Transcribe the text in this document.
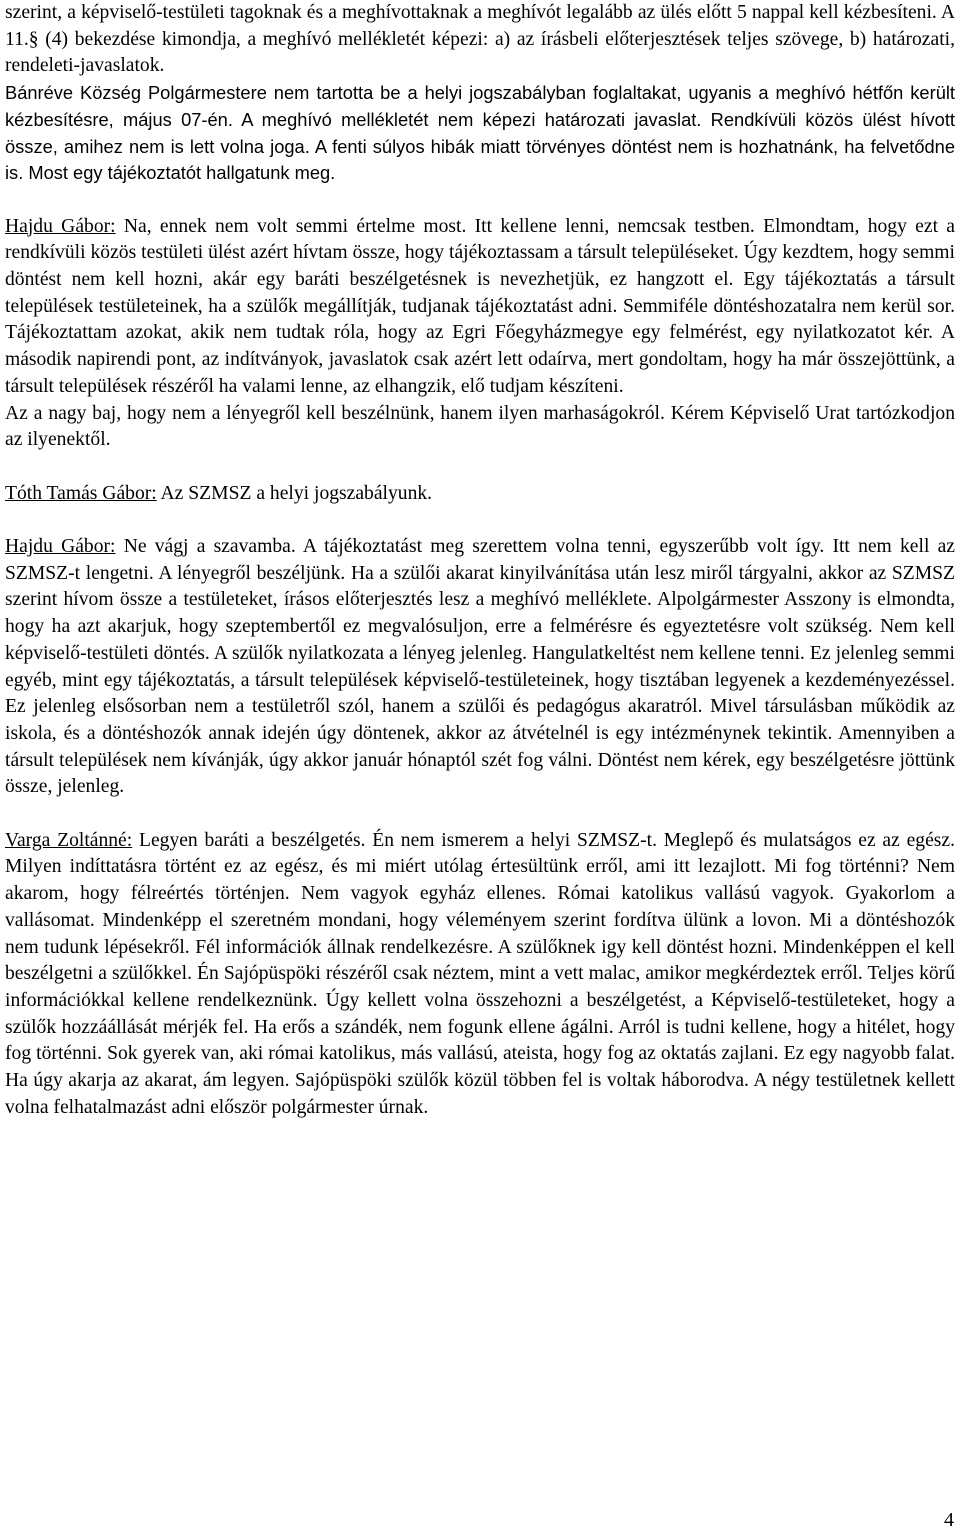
szerint, a képviselő-testületi tagoknak és a meghívottaknak a meghívót legalább az ülés előtt 5 nappal kell kézbesíteni. A 11.§ (4) bekezdése kimondja, a meghívó mellékletét képezi: a) az írásbeli előterjesztések teljes szövege, b) határozati, rendeleti-javaslatok.

Bánréve Község Polgármestere nem tartotta be a helyi jogszabályban foglaltakat, ugyanis a meghívó hétfőn került kézbesítésre, május 07-én. A meghívó mellékletét nem képezi határozati javaslat. Rendkívüli közös ülést hívott össze, amihez nem is lett volna joga. A fenti súlyos hibák miatt törvényes döntést nem is hozhatnánk, ha felvetődne is. Most egy tájékoztatót hallgatunk meg.

Hajdu Gábor: Na, ennek nem volt semmi értelme most. Itt kellene lenni, nemcsak testben. Elmondtam, hogy ezt a rendkívüli közös testületi ülést azért hívtam össze, hogy tájékoztassam a társult településeket. Úgy kezdtem, hogy semmi döntést nem kell hozni, akár egy baráti beszélgetésnek is nevezhetjük, ez hangzott el. Egy tájékoztatás a társult települések testületeinek, ha a szülők megállítják, tudjanak tájékoztatást adni. Semmiféle döntéshozatalra nem kerül sor. Tájékoztattam azokat, akik nem tudtak róla, hogy az Egri Főegyházmegye egy felmérést, egy nyilatkozatot kér. A második napirendi pont, az indítványok, javaslatok csak azért lett odaírva, mert gondoltam, hogy ha már összejöttünk, a társult települések részéről ha valami lenne, az elhangzik, elő tudjam készíteni.

Az a nagy baj, hogy nem a lényegről kell beszélnünk, hanem ilyen marhaságokról. Kérem Képviselő Urat tartózkodjon az ilyenektől.

Tóth Tamás Gábor: Az SZMSZ a helyi jogszabályunk.

Hajdu Gábor: Ne vágj a szavamba. A tájékoztatást meg szerettem volna tenni, egyszerűbb volt így. Itt nem kell az SZMSZ-t lengetni. A lényegről beszéljünk. Ha a szülői akarat kinyilvánítása után lesz miről tárgyalni, akkor az SZMSZ szerint hívom össze a testületeket, írásos előterjesztés lesz a meghívó melléklete. Alpolgármester Asszony is elmondta, hogy ha azt akarjuk, hogy szeptembertől ez megvalósuljon, erre a felmérésre és egyeztetésre volt szükség. Nem kell képviselő-testületi döntés. A szülők nyilatkozata a lényeg jelenleg. Hangulatkeltést nem kellene tenni. Ez jelenleg semmi egyéb, mint egy tájékoztatás, a társult települések képviselő-testületeinek, hogy tisztában legyenek a kezdeményezéssel. Ez jelenleg elsősorban nem a testületről szól, hanem a szülői és pedagógus akaratról. Mivel társulásban működik az iskola, és a döntéshozók annak idején úgy döntenek, akkor az átvételnél is egy intézménynek tekintik. Amennyiben a társult települések nem kívánják, úgy akkor január hónaptól szét fog válni. Döntést nem kérek, egy beszélgetésre jöttünk össze, jelenleg.

Varga Zoltánné: Legyen baráti a beszélgetés. Én nem ismerem a helyi SZMSZ-t. Meglepő és mulatságos ez az egész. Milyen indíttatásra történt ez az egész, és mi miért utólag értesültünk erről, ami itt lezajlott. Mi fog történni? Nem akarom, hogy félreértés történjen. Nem vagyok egyház ellenes. Római katolikus vallású vagyok. Gyakorlom a vallásomat. Mindenképp el szeretném mondani, hogy véleményem szerint fordítva ülünk a lovon. Mi a döntéshozók nem tudunk lépésekről. Fél információk állnak rendelkezésre. A szülőknek igy kell döntést hozni. Mindenképpen el kell beszélgetni a szülőkkel. Én Sajópüspöki részéről csak néztem, mint a vett malac, amikor megkérdeztek erről. Teljes körű információkkal kellene rendelkeznünk. Úgy kellett volna összehozni a beszélgetést, a Képviselő-testületeket, hogy a szülők hozzáállását mérjék fel. Ha erős a szándék, nem fogunk ellene ágálni. Arról is tudni kellene, hogy a hitélet, hogy fog történni. Sok gyerek van, aki római katolikus, más vallású, ateista, hogy fog az oktatás zajlani. Ez egy nagyobb falat. Ha úgy akarja az akarat, ám legyen. Sajópüspöki szülők közül többen fel is voltak háborodva. A négy testületnek kellett volna felhatalmazást adni először polgármester úrnak.

4
